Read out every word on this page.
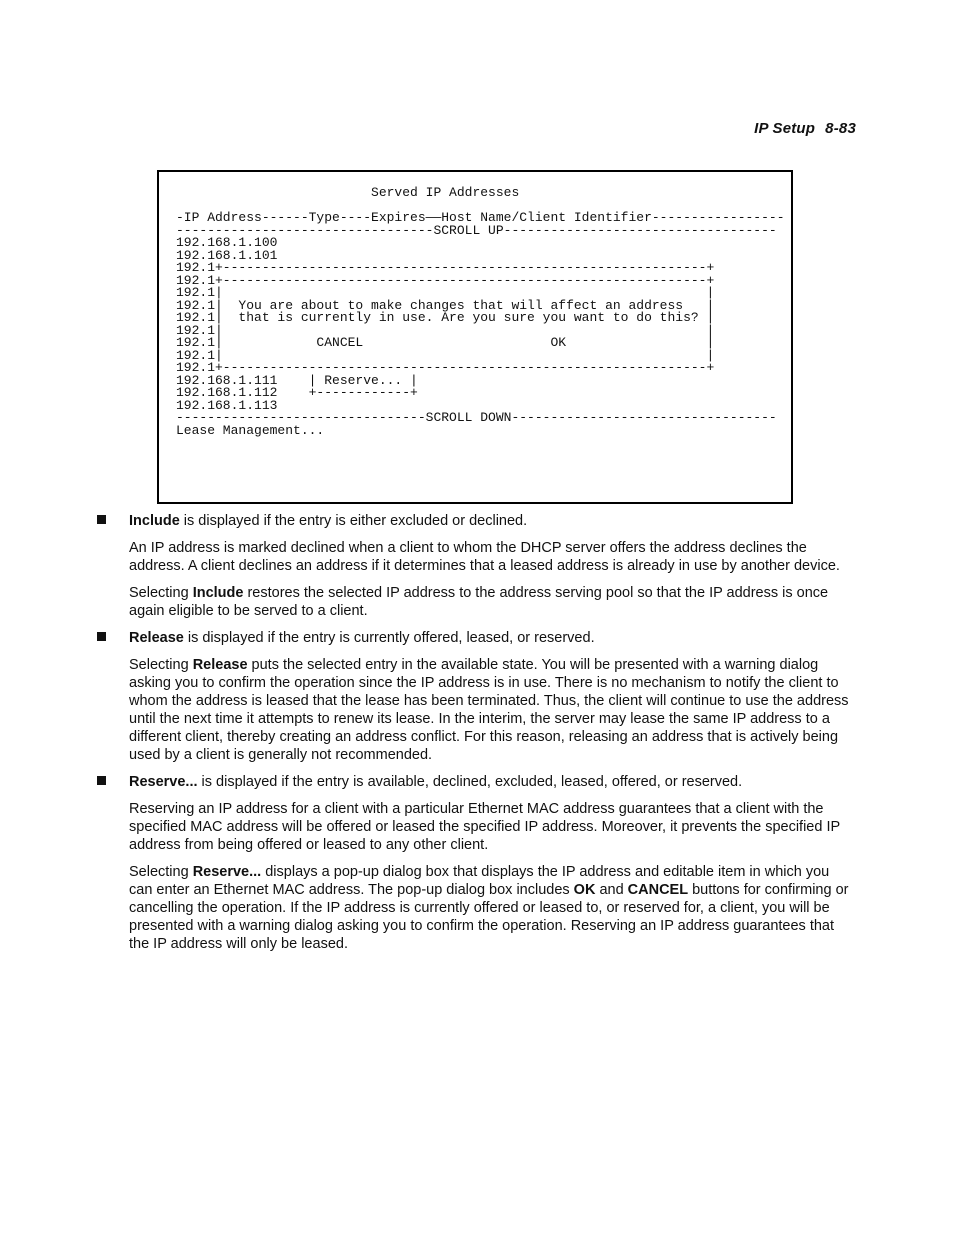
IP Setup 8-83
Served IP Addresses

-IP Address------Type----Expires——Host Name/Client Identifier-----------------
---------------------------------SCROLL UP-----------------------------------
192.168.1.100
192.168.1.101
192.1+--------------------------------------------------------------+
192.1+--------------------------------------------------------------+
192.1|                                                              |
192.1|  You are about to make changes that will affect an address   |
192.1|  that is currently in use. Are you sure you want to do this? |
192.1|                                                              |
192.1|            CANCEL                        OK                  |
192.1|                                                              |
192.1+--------------------------------------------------------------+
192.168.1.111    | Reserve... |
192.168.1.112    +------------+
192.168.1.113
--------------------------------SCROLL DOWN----------------------------------
Lease Management...

Include is displayed if the entry is either excluded or declined.

An IP address is marked declined when a client to whom the DHCP server offers the address declines the address. A client declines an address if it determines that a leased address is already in use by another device.

Selecting Include restores the selected IP address to the address serving pool so that the IP address is once again eligible to be served to a client.

Release is displayed if the entry is currently offered, leased, or reserved.

Selecting Release puts the selected entry in the available state. You will be presented with a warning dialog asking you to confirm the operation since the IP address is in use. There is no mechanism to notify the client to whom the address is leased that the lease has been terminated. Thus, the client will continue to use the address until the next time it attempts to renew its lease. In the interim, the server may lease the same IP address to a different client, thereby creating an address conflict. For this reason, releasing an address that is actively being used by a client is generally not recommended.

Reserve... is displayed if the entry is available, declined, excluded, leased, offered, or reserved.

Reserving an IP address for a client with a particular Ethernet MAC address guarantees that a client with the specified MAC address will be offered or leased the specified IP address. Moreover, it prevents the specified IP address from being offered or leased to any other client.

Selecting Reserve... displays a pop-up dialog box that displays the IP address and editable item in which you can enter an Ethernet MAC address. The pop-up dialog box includes OK and CANCEL buttons for confirming or cancelling the operation. If the IP address is currently offered or leased to, or reserved for, a client, you will be presented with a warning dialog asking you to confirm the operation. Reserving an IP address guarantees that the IP address will only be leased.
